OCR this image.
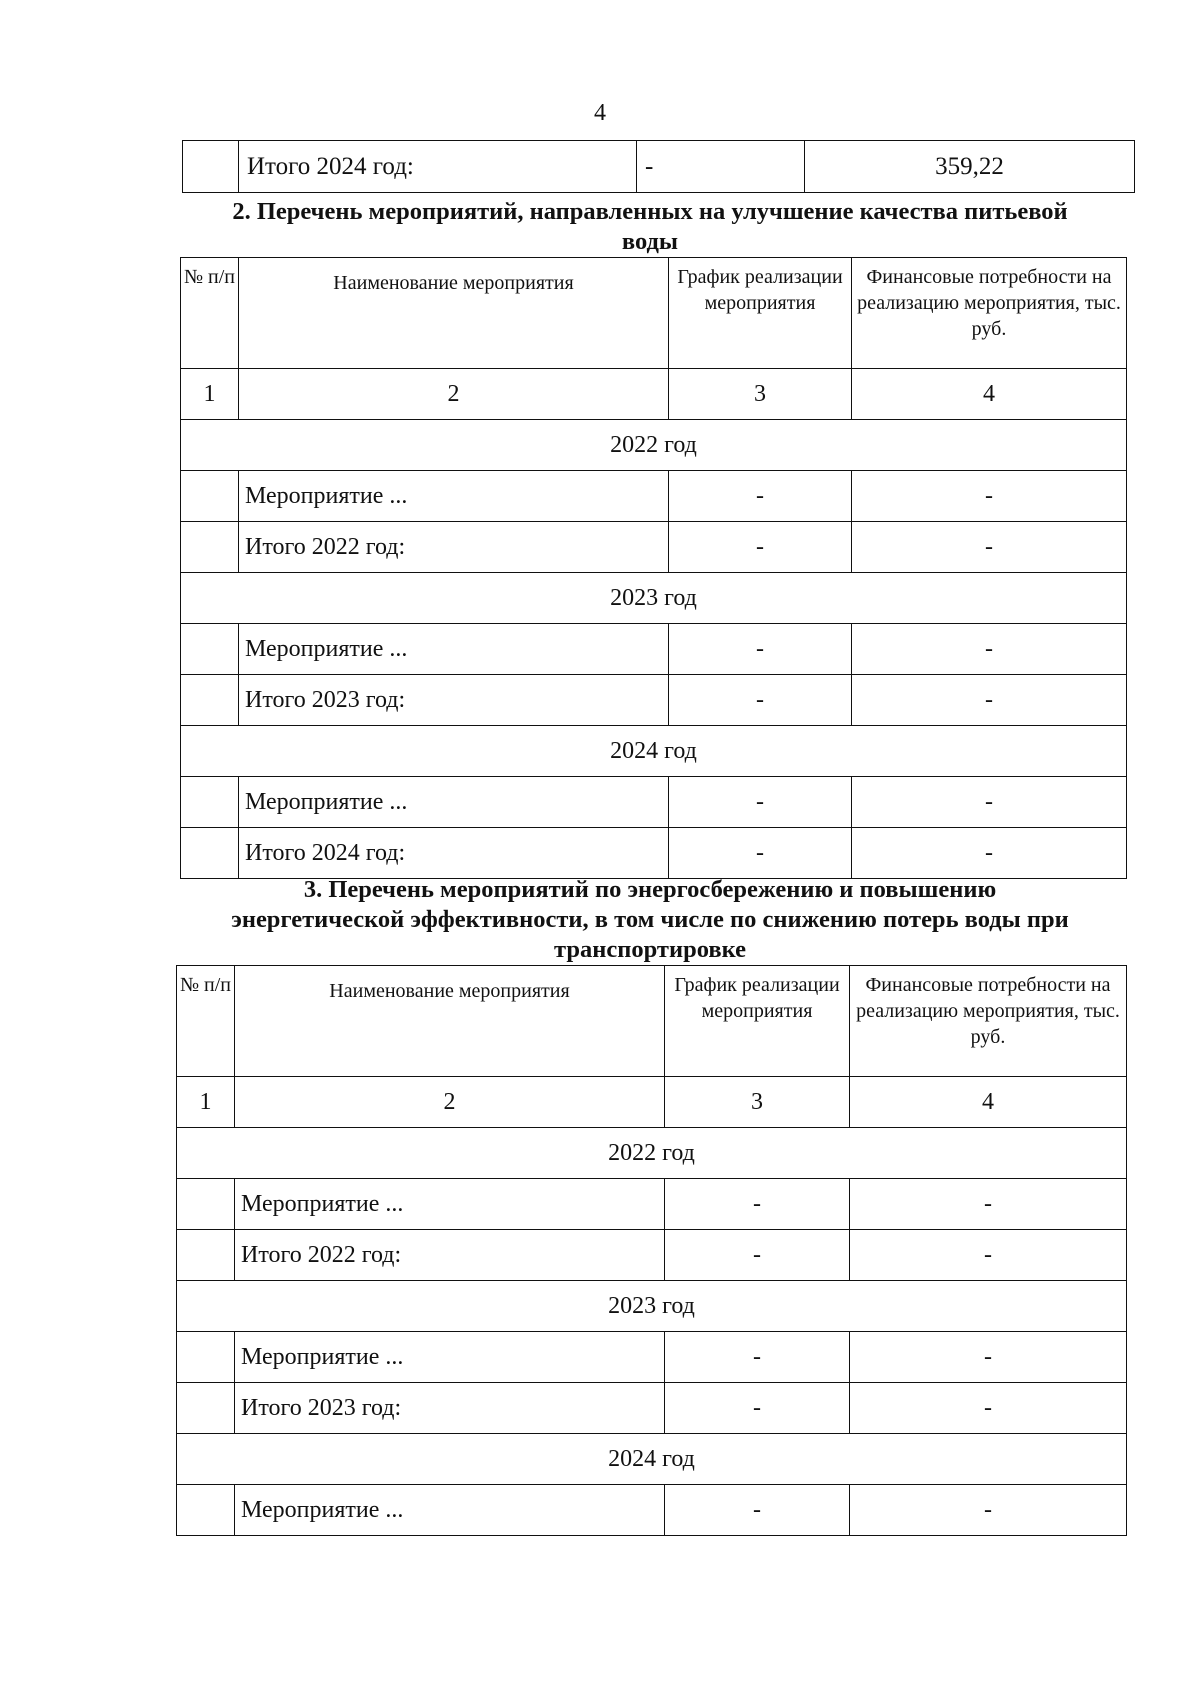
4
	Итого 2024 год:	-	359,22
2. Перечень мероприятий, направленных на улучшение качества питьевой
воды
№ п/п	Наименование мероприятия	График реализации мероприятия	Финансовые потребности на реализацию мероприятия, тыс. руб.
1	2	3	4
2022 год			
	Мероприятие ...	-	-
	Итого 2022 год:	-	-
2023 год			
	Мероприятие ...	-	-
	Итого 2023 год:	-	-
2024 год			
	Мероприятие ...	-	-
	Итого 2024 год:	-	-
3. Перечень мероприятий по энергосбережению и повышению
энергетической эффективности, в том числе по снижению потерь воды при
транспортировке
№ п/п	Наименование мероприятия	График реализации мероприятия	Финансовые потребности на реализацию мероприятия, тыс. руб.
1	2	3	4
2022 год			
	Мероприятие ...	-	-
	Итого 2022 год:	-	-
2023 год			
	Мероприятие ...	-	-
	Итого 2023 год:	-	-
2024 год			
	Мероприятие ...	-	-
